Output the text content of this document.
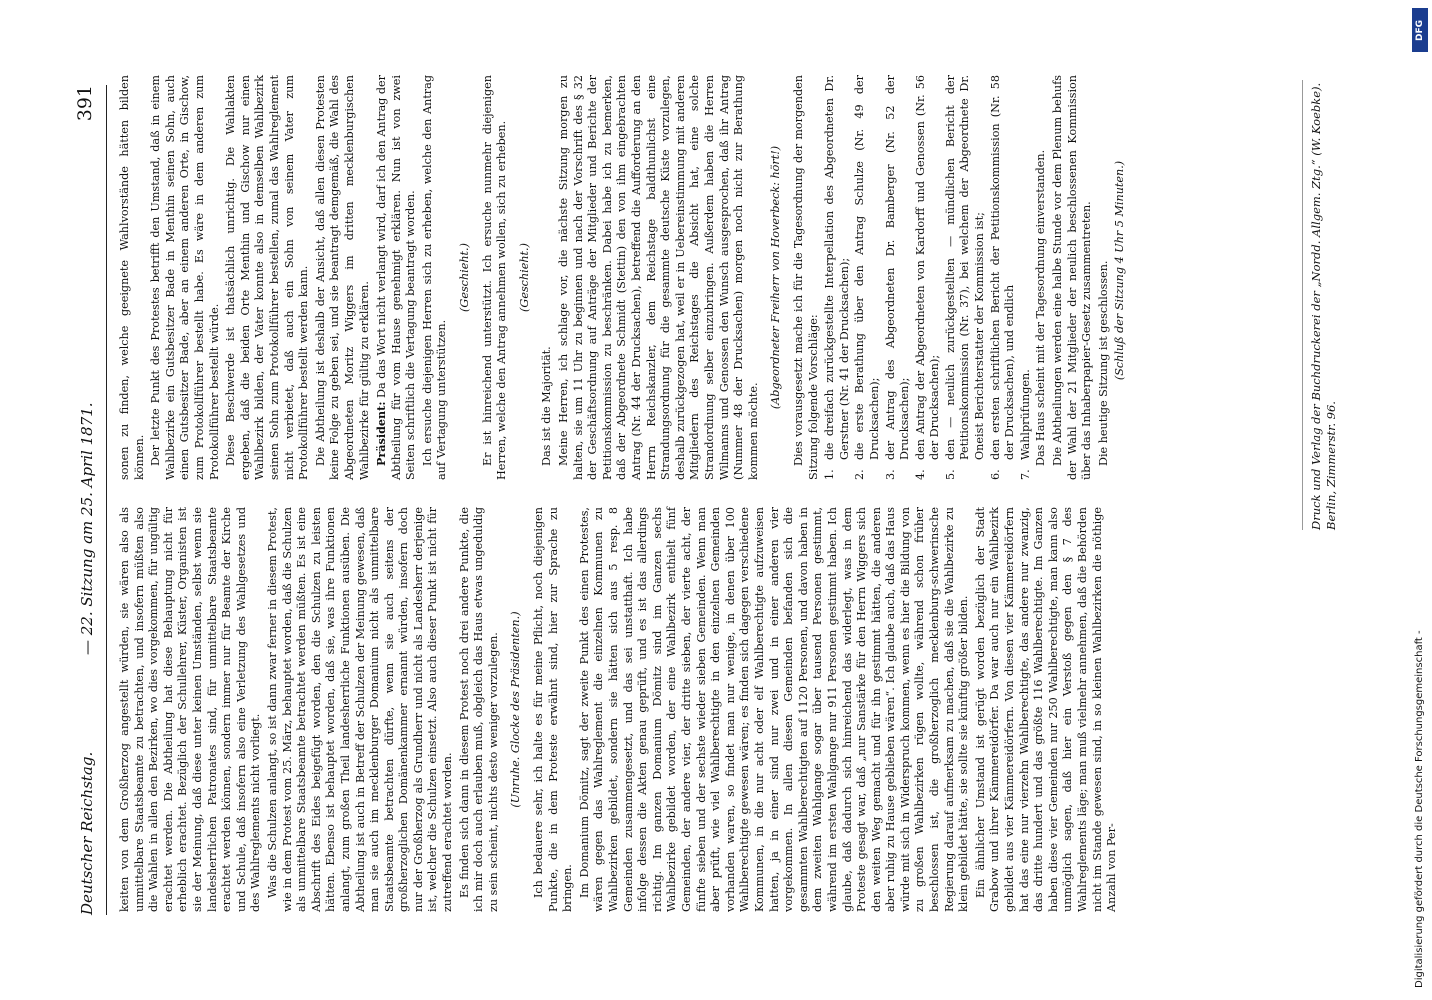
Deutscher Reichstag.
— 22. Sitzung am 25. April 1871.
391

keiten von dem Großherzog angestellt würden, sie wären also als unmittelbare Staatsbeamte zu betrachten, und insofern müßten also die Wahlen in allen den Bezirken, wo dies vorgekommen, für ungültig erachtet werden. Die Abtheilung hat diese Behauptung nicht für erheblich erachtet. Bezüglich der Schullehrer, Küster, Organisten ist sie der Meinung, daß diese unter keinen Umständen, selbst wenn sie landesherrlichen Patronates sind, für unmittelbare Staatsbeamte erachtet werden können, sondern immer nur für Beamte der Kirche und Schule, daß insofern also eine Verletzung des Wahlgesetzes und des Wahlreglements nicht vorliegt. Was die Schulzen anlangt, so ist dann zwar ferner in diesem Protest, wie in dem Protest vom 25. März, behauptet worden, daß die Schulzen als unmittelbare Staatsbeamte betrachtet werden müßten. Es ist eine Abschrift des Eides beigefügt worden, den die Schulzen zu leisten hätten. Ebenso ist behauptet worden, daß sie, was ihre Funktionen anlangt, zum großen Theil landesherrliche Funktionen ausüben. Die Abtheilung ist auch in Betreff der Schulzen der Meinung gewesen, daß man sie auch im mecklenburger Domanium nicht als unmittelbare Staatsbeamte betrachten dürfte, wenn sie auch seitens der großherzoglichen Domänenkammer ernannt würden, insofern doch nur der Großherzog als Grundherr und nicht als Landesherr derjenige ist, welcher die Schulzen einsetzt. Also auch dieser Punkt ist nicht für zutreffend erachtet worden. Es finden sich dann in diesem Protest noch drei andere Punkte, die ich mir doch auch erlauben muß, obgleich das Haus etwas ungeduldig zu sein scheint, nichts desto weniger vorzulegen. (Unruhe. Glocke des Präsidenten.) Ich bedauere sehr, ich halte es für meine Pflicht, noch diejenigen Punkte, die in dem Proteste erwähnt sind, hier zur Sprache zu bringen. Im Domanium Dömitz, sagt der zweite Punkt des einen Protestes, wären gegen das Wahlreglement die einzelnen Kommunen zu Wahlbezirken gebildet, sondern sie hätten sich aus 5 resp. 8 Gemeinden zusammengesetzt, und das sei unstatthaft. Ich habe infolge dessen die Akten genau geprüft, und es ist das allerdings richtig. Im ganzen Domanium Dömitz sind im Ganzen sechs Wahlbezirke gebildet worden, der eine Wahlbezirk enthielt fünf Gemeinden, der andere vier, der dritte sieben, der vierte acht, der fünfte sieben und der sechste wieder sieben Gemeinden. Wenn man aber prüft, wie viel Wahlberechtigte in den einzelnen Gemeinden vorhanden waren, so findet man nur wenige, in denen über 100 Wahlberechtigte gewesen wären; es finden sich dagegen verschiedene Kommunen, in die nur acht oder elf Wahlberechtigte aufzuweisen hatten, ja in einer sind nur zwei und in einer anderen vier vorgekommen. In allen diesen Gemeinden befanden sich die gesammten Wahlberechtigten auf 1120 Personen, und davon haben in dem zweiten Wahlgange sogar über tausend Personen gestimmt, während im ersten Wahlgange nur 911 Personen gestimmt haben. Ich glaube, daß dadurch sich hinreichend das widerlegt, was in dem Proteste gesagt war, daß „nur Sanstärke für den Herrn Wiggers sich den weiten Weg gemacht und für ihn gestimmt hätten, die anderen aber ruhig zu Hause geblieben wären“. Ich glaube auch, daß das Haus würde mit sich in Widerspruch kommen, wenn es hier die Bildung von zu großen Wahlbezirken rügen wollte, während schon früher beschlossen ist, die großherzoglich mecklenburg-schwerinsche Regierung darauf aufmerksam zu machen, daß sie die Wahlbezirke zu klein gebildet hätte, sie sollte sie künftig größer bilden. Ein ähnlicher Umstand ist gerügt worden bezüglich der Stadt Grabow und ihrer Kämmereidörfer. Da war auch nur ein Wahlbezirk gebildet aus vier Kämmereidörfern. Von diesen vier Kämmereidörfern hat das eine nur vierzehn Wahlberechtigte, das andere nur zwanzig, das dritte hundert und das größte 116 Wahlberechtigte. Im Ganzen haben diese vier Gemeinden nur 250 Wahlberechtigte, man kann also unmöglich sagen, daß hier ein Verstoß gegen den § 7 des Wahlreglements läge; man muß vielmehr annehmen, daß die Behörden nicht im Stande gewesen sind, in so kleinen Wahlbezirken die nöthige Anzahl von Per-

sonen zu finden, welche geeignete Wahlvorstände hätten bilden können. Der letzte Punkt des Protestes betrifft den Umstand, daß in einem Wahlbezirke ein Gutsbesitzer Bade in Menthin seinen Sohn, auch einen Gutsbesitzer Bade, aber an einem anderen Orte, in Gischow, zum Protokollführer bestellt habe. Es wäre in dem anderen zum Protokollführer bestellt würde. Diese Beschwerde ist thatsächlich unrichtig. Die Wahlakten ergeben, daß die beiden Orte Menthin und Gischow nur einen Wahlbezirk bilden, der Vater konnte also in demselben Wahlbezirk seinen Sohn zum Protokollführer bestellen, zumal das Wahlreglement nicht verbietet, daß auch ein Sohn von seinem Vater zum Protokollführer bestellt werden kann. Die Abtheilung ist deshalb der Ansicht, daß allen diesen Protesten keine Folge zu geben sei, und sie beantragt demgemäß, die Wahl des Abgeordneten Moritz Wiggers im dritten mecklenburgischen Wahlbezirke für gültig zu erklären. Präsident: Da das Wort nicht verlangt wird, darf ich den Antrag der Abtheilung für vom Hause genehmigt erklären. Nun ist von zwei Seiten schriftlich die Vertagung beantragt worden. Ich ersuche diejenigen Herren sich zu erheben, welche den Antrag auf Vertagung unterstützen.

(Geschieht.) Er ist hinreichend unterstützt. Ich ersuche nunmehr diejenigen Herren, welche den Antrag annehmen wollen, sich zu erheben. (Geschieht.)

Das ist die Majorität. Meine Herren, ich schlage vor, die nächste Sitzung morgen zu halten, sie um 11 Uhr zu beginnen und nach der Vorschrift des § 32 der Geschäftsordnung auf Anträge der Mitglieder und Berichte der Petitionskommission zu beschränken. Dabei habe ich zu bemerken, daß der Abgeordnete Schmidt (Stettin) den von ihm eingebrachten Antrag (Nr. 44 der Drucksachen), betreffend die Aufforderung an den Herrn Reichskanzler, dem Reichstage baldthunlichst eine Strandungsordnung für die gesammte deutsche Küste vorzulegen, deshalb zurückgezogen hat, weil er in Uebereinstimmung mit anderen Mitgliedern des Reichstages die Absicht hat, eine solche Strandordnung selber einzubringen. Außerdem haben die Herren Wilmanns und Genossen den Wunsch ausgesprochen, daß ihr Antrag (Nummer 48 der Drucksachen) morgen noch nicht zur Berathung kommen möchte.

(Abgeordneter Freiherr von Hoverbeck: hört!) Dies vorausgesetzt mache ich für die Tagesordnung der morgenden Sitzung folgende Vorschläge: 1.
die dreifach zurückgestellte Interpellation des Abgeordneten Dr. Gerstner (Nr. 41 der Drucksachen);
2.
die erste Berathung über den Antrag Schulze (Nr. 49 der Drucksachen);
3.
der Antrag des Abgeordneten Dr. Bamberger (Nr. 52 der Drucksachen);
4.
den Antrag der Abgeordneten von Kardorff und Genossen (Nr. 56 der Drucksachen);
5.
den — neulich zurückgestellten — mündlichen Bericht der Petitionskommission (Nr. 37), bei welchem der Abgeordnete Dr. Oneist Berichterstatter der Kommission ist;
6.
den ersten schriftlichen Bericht der Petitionskommission (Nr. 58 der Drucksachen), und endlich
7.
Wahlprüfungen. Das Haus scheint mit der Tagesordnung einverstanden. Die Abtheilungen werden eine halbe Stunde vor dem Plenum behufs der Wahl der 21 Mitglieder der neulich beschlossenen Kommission über das Inhaberpapier-Gesetz zusammentreten. Die heutige Sitzung ist geschlossen. (Schluß der Sitzung 4 Uhr 5 Minuten.)	Druck und Verlag der Buchdruckerei der „Nordd. Allgem. Ztg.“ (W. Koebke). Berlin, Zimmerstr. 96.
DFG
Digitalisierung gefördert durch die Deutsche Forschungsgemeinschaft -
